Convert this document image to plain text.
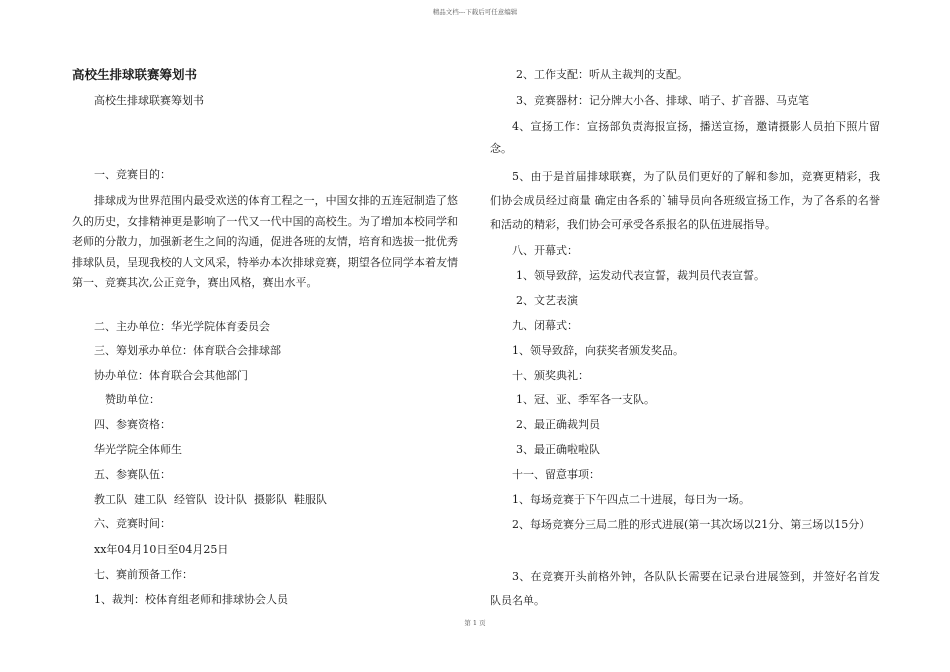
精品文档---下载后可任意编辑
高校生排球联赛筹划书
高校生排球联赛筹划书
一、竞赛目的：
排球成为世界范围内最受欢送的体育工程之一，中国女排的五连冠制造了悠久的历史，女排精神更是影响了一代又一代中国的高校生。为了增加本校同学和老师的分散力，加强新老生之间的沟通，促进各班的友情，培育和选拔一批优秀排球队员，呈现我校的人文风采，特举办本次排球竞赛，期望各位同学本着友情第一、竞赛其次,公正竞争，赛出风格，赛出水平。
二、主办单位：华光学院体育委员会
三、筹划承办单位：体育联合会排球部
协办单位：体育联合会其他部门
赞助单位：
四、参赛资格：
华光学院全体师生
五、参赛队伍：
教工队  建工队  经管队  设计队  摄影队  鞋服队
六、竞赛时间：
xx年04月10日至04月25日
七、赛前预备工作：
1、裁判：校体育组老师和排球协会人员
2、工作支配：听从主裁判的支配。
3、竞赛器材：记分牌大小各、排球、哨子、扩音器、马克笔
4、宣扬工作：宣扬部负责海报宣扬，播送宣扬，邀请摄影人员拍下照片留念。
5、由于是首届排球联赛，为了队员们更好的了解和参加，竞赛更精彩，我们协会成员经过商量 确定由各系的`辅导员向各班级宣扬工作，为了各系的名誉和活动的精彩，我们协会可承受各系报名的队伍进展指导。
八、开幕式：
1、领导致辞，运发动代表宣誓，裁判员代表宣誓。
2、文艺表演
九、闭幕式：
1、领导致辞，向获奖者颁发奖品。
十、颁奖典礼：
1、冠、亚、季军各一支队。
2、最正确裁判员
3、最正确啦啦队
十一、留意事项：
1、每场竞赛于下午四点二十进展，每日为一场。
2、每场竞赛分三局二胜的形式进展(第一其次场以21分、第三场以15分）
3、在竞赛开头前格外钟，各队队长需要在记录台进展签到，并签好名首发队员名单。
第 1 页
